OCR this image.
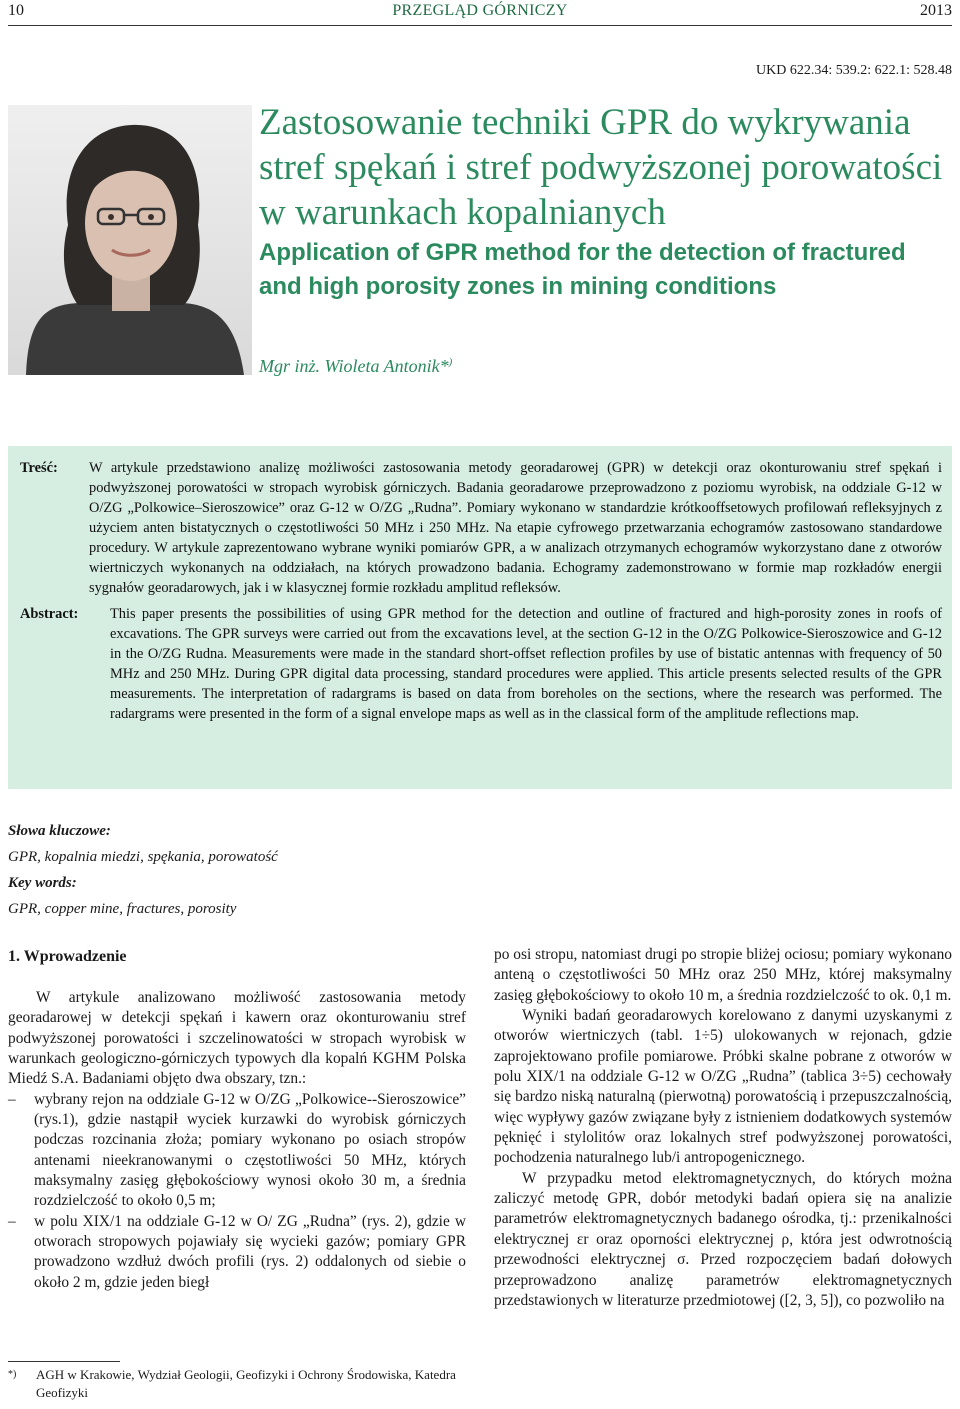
10	PRZEGLĄD GÓRNICZY	2013
UKD 622.34: 539.2: 622.1: 528.48
Zastosowanie techniki GPR do wykrywania stref spękań i stref podwyższonej porowatości w warunkach kopalnianych
Application of GPR method for the detection of fractured and high porosity zones in mining conditions
Mgr inż. Wioleta Antonik*)
Treść:	W artykule przedstawiono analizę możliwości zastosowania metody georadarowej (GPR) w detekcji oraz okonturowaniu stref spękań i podwyższonej porowatości w stropach wyrobisk górniczych. Badania georadarowe przeprowadzono z poziomu wyrobisk, na oddziale G-12 w O/ZG „Polkowice–Sieroszowice” oraz G-12 w O/ZG „Rudna”. Pomiary wykonano w standardzie krótkooffsetowych profilowań refleksyjnych z użyciem anten bistatycznych o częstotliwości 50 MHz i 250 MHz. Na etapie cyfrowego przetwarzania echogramów zastosowano standardowe procedury. W artykule zaprezentowano wybrane wyniki pomiarów GPR, a w analizach otrzymanych echogramów wykorzystano dane z otworów wiertniczych wykonanych na oddziałach, na których prowadzono badania. Echogramy zademonstrowano w formie map rozkładów energii sygnałów georadarowych, jak i w klasycznej formie rozkładu amplitud refleksów.
Abstract:	This paper presents the possibilities of using GPR method for the detection and outline of fractured and high-porosity zones in roofs of excavations. The GPR surveys were carried out from the excavations level, at the section G-12 in the O/ZG Polkowice-Sieroszowice and G-12 in the O/ZG Rudna. Measurements were made in the standard short-offset reflection profiles by use of bistatic antennas with frequency of 50 MHz and 250 MHz. During GPR digital data processing, standard procedures were applied. This article presents selected results of the GPR measurements. The interpretation of radargrams is based on data from boreholes on the sections, where the research was performed. The radargrams were presented in the form of a signal envelope maps as well as in the classical form of the amplitude reflections map.
Słowa kluczowe:
GPR, kopalnia miedzi, spękania, porowatość
Key words:
GPR, copper mine, fractures, porosity
1. Wprowadzenie

W artykule analizowano możliwość zastosowania metody georadarowej w detekcji spękań i kawern oraz okonturowaniu stref podwyższonej porowatości i szczelinowatości w stropach wyrobisk w warunkach geologiczno-górniczych typowych dla kopalń KGHM Polska Miedź S.A. Badaniami objęto dwa obszary, tzn.:

– wybrany rejon na oddziale G-12 w O/ZG „Polkowice--Sieroszowice” (rys.1), gdzie nastąpił wyciek kurzawki do wyrobisk górniczych podczas rozcinania złoża; pomiary wykonano po osiach stropów antenami nieekranowanymi o częstotliwości 50 MHz, których maksymalny zasięg głębokościowy wynosi około 30 m, a średnia rozdzielczość to około 0,5 m;
– w polu XIX/1 na oddziale G-12 w O/ ZG „Rudna” (rys. 2), gdzie w otworach stropowych pojawiały się wycieki gazów; pomiary GPR prowadzono wzdłuż dwóch profili (rys. 2) oddalonych od siebie o około 2 m, gdzie jeden biegł

po osi stropu, natomiast drugi po stropie bliżej ociosu; pomiary wykonano anteną o częstotliwości 50 MHz oraz 250 MHz, której maksymalny zasięg głębokościowy to około 10 m, a średnia rozdzielczość to ok. 0,1 m.

Wyniki badań georadarowych korelowano z danymi uzyskanymi z otworów wiertniczych (tabl. 1÷5) ulokowanych w rejonach, gdzie zaprojektowano profile pomiarowe. Próbki skalne pobrane z otworów w polu XIX/1 na oddziale G-12 w O/ZG „Rudna” (tablica 3÷5) cechowały się bardzo niską naturalną (pierwotną) porowatością i przepuszczalnością, więc wypływy gazów związane były z istnieniem dodatkowych systemów pęknięć i stylolitów oraz lokalnych stref podwyższonej porowatości, pochodzenia naturalnego lub/i antropogenicznego.

W przypadku metod elektromagnetycznych, do których można zaliczyć metodę GPR, dobór metodyki badań opiera się na analizie parametrów elektromagnetycznych badanego ośrodka, tj.: przenikalności elektrycznej εr oraz oporności elektrycznej ρ, która jest odwrotnością przewodności elektrycznej σ. Przed rozpoczęciem badań dołowych przeprowadzono analizę parametrów elektromagnetycznych przedstawionych w literaturze przedmiotowej ([2, 3, 5]), co pozwoliło na

*)	AGH w Krakowie, Wydział Geologii, Geofizyki i Ochrony Środowiska, Katedra Geofizyki
